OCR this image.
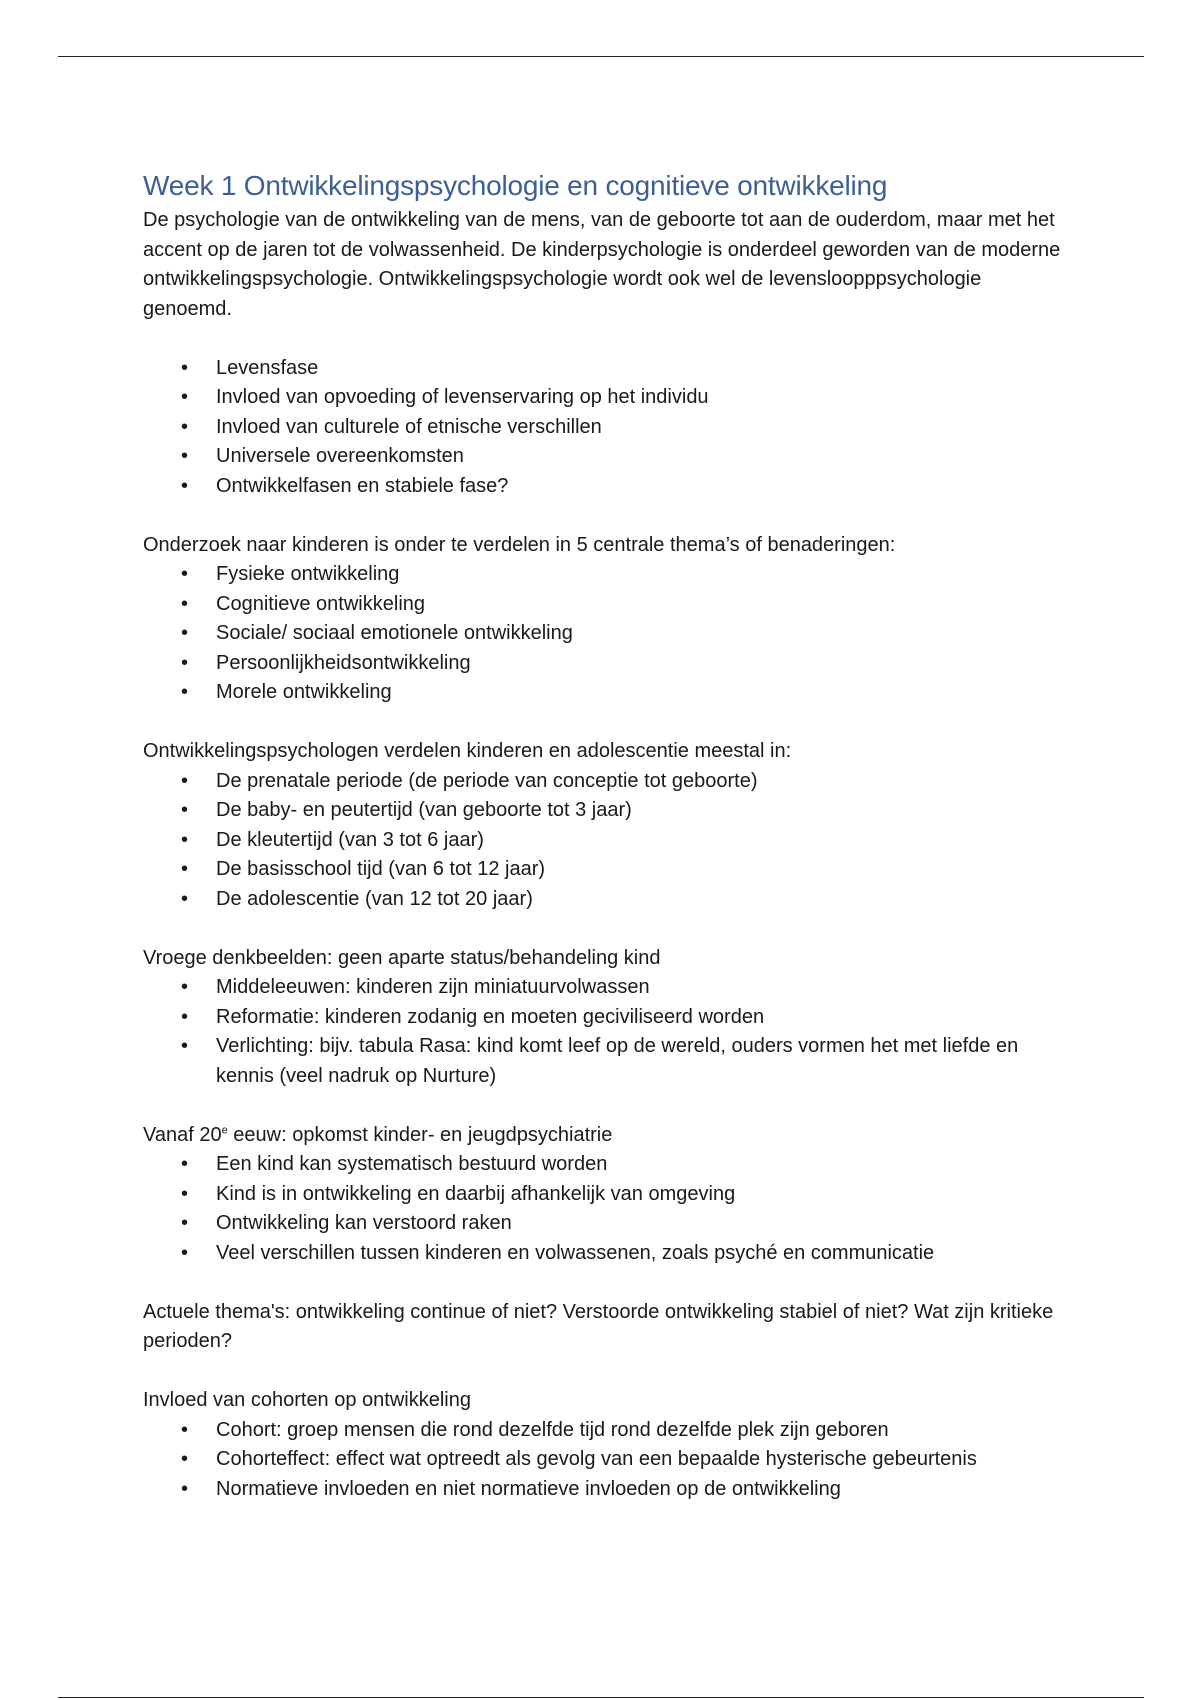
Week 1 Ontwikkelingspsychologie en cognitieve ontwikkeling

De psychologie van de ontwikkeling van de mens, van de geboorte tot aan de ouderdom, maar met het accent op de jaren tot de volwassenheid. De kinderpsychologie is onderdeel geworden van de moderne ontwikkelingspsychologie. Ontwikkelingspsychologie wordt ook wel de levensloopppsychologie genoemd.

• Levensfase
• Invloed van opvoeding of levenservaring op het individu
• Invloed van culturele of etnische verschillen
• Universele overeenkomsten
• Ontwikkelfasen en stabiele fase?

Onderzoek naar kinderen is onder te verdelen in 5 centrale thema’s of benaderingen:

• Fysieke ontwikkeling
• Cognitieve ontwikkeling
• Sociale/ sociaal emotionele ontwikkeling
• Persoonlijkheidsontwikkeling
• Morele ontwikkeling

Ontwikkelingspsychologen verdelen kinderen en adolescentie meestal in:

• De prenatale periode (de periode van conceptie tot geboorte)
• De baby- en peutertijd (van geboorte tot 3 jaar)
• De kleutertijd (van 3 tot 6 jaar)
• De basisschool tijd (van 6 tot 12 jaar)
• De adolescentie (van 12 tot 20 jaar)

Vroege denkbeelden: geen aparte status/behandeling kind

• Middeleeuwen: kinderen zijn miniatuurvolwassen
• Reformatie: kinderen zodanig en moeten geciviliseerd worden
• Verlichting: bijv. tabula Rasa: kind komt leef op de wereld, ouders vormen het met liefde en kennis (veel nadruk op Nurture)

Vanaf 20e eeuw: opkomst kinder- en jeugdpsychiatrie

• Een kind kan systematisch bestuurd worden
• Kind is in ontwikkeling en daarbij afhankelijk van omgeving
• Ontwikkeling kan verstoord raken
• Veel verschillen tussen kinderen en volwassenen, zoals psyché en communicatie

Actuele thema's: ontwikkeling continue of niet? Verstoorde ontwikkeling stabiel of niet? Wat zijn kritieke perioden?

Invloed van cohorten op ontwikkeling

• Cohort: groep mensen die rond dezelfde tijd rond dezelfde plek zijn geboren
• Cohorteffect: effect wat optreedt als gevolg van een bepaalde hysterische gebeurtenis
• Normatieve invloeden en niet normatieve invloeden op de ontwikkeling
